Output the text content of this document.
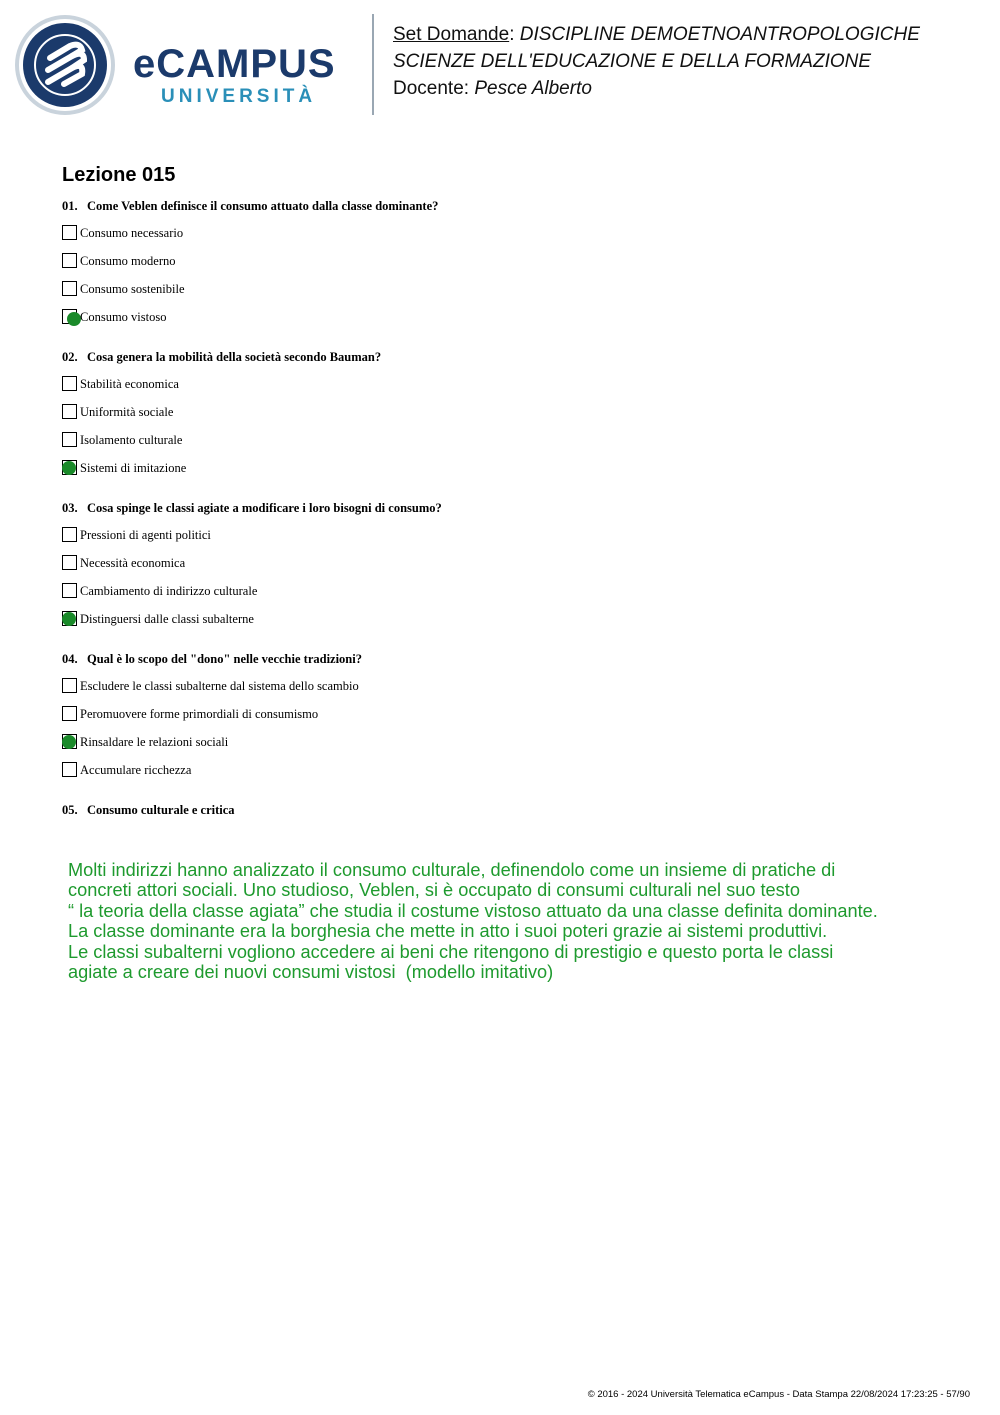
eCAMPUS
UNIVERSITÀ
Set Domande: DISCIPLINE DEMOETNOANTROPOLOGICHE
SCIENZE DELL'EDUCAZIONE E DELLA FORMAZIONE
Docente: Pesce Alberto
Lezione 015
01. Come Veblen definisce il consumo attuato dalla classe dominante?
Consumo necessario
Consumo moderno
Consumo sostenibile
Consumo vistoso
02. Cosa genera la mobilità della società secondo Bauman?
Stabilità economica
Uniformità sociale
Isolamento culturale
Sistemi di imitazione
03. Cosa spinge le classi agiate a modificare i loro bisogni di consumo?
Pressioni di agenti politici
Necessità economica
Cambiamento di indirizzo culturale
Distinguersi dalle classi subalterne
04. Qual è lo scopo del "dono" nelle vecchie tradizioni?
Escludere le classi subalterne dal sistema dello scambio
Peromuovere forme primordiali di consumismo
Rinsaldare le relazioni sociali
Accumulare ricchezza
05. Consumo culturale e critica
Molti indirizzi hanno analizzato il consumo culturale, definendolo come un insieme di pratiche di
concreti attori sociali. Uno studioso, Veblen, si è occupato di consumi culturali nel suo testo
“ la teoria della classe agiata” che studia il costume vistoso attuato da una classe definita dominante.
La classe dominante era la borghesia che mette in atto i suoi poteri grazie ai sistemi produttivi.
Le classi subalterni vogliono accedere ai beni che ritengono di prestigio e questo porta le classi
agiate a creare dei nuovi consumi vistosi  (modello imitativo)
© 2016 - 2024 Università Telematica eCampus - Data Stampa 22/08/2024 17:23:25 - 57/90
